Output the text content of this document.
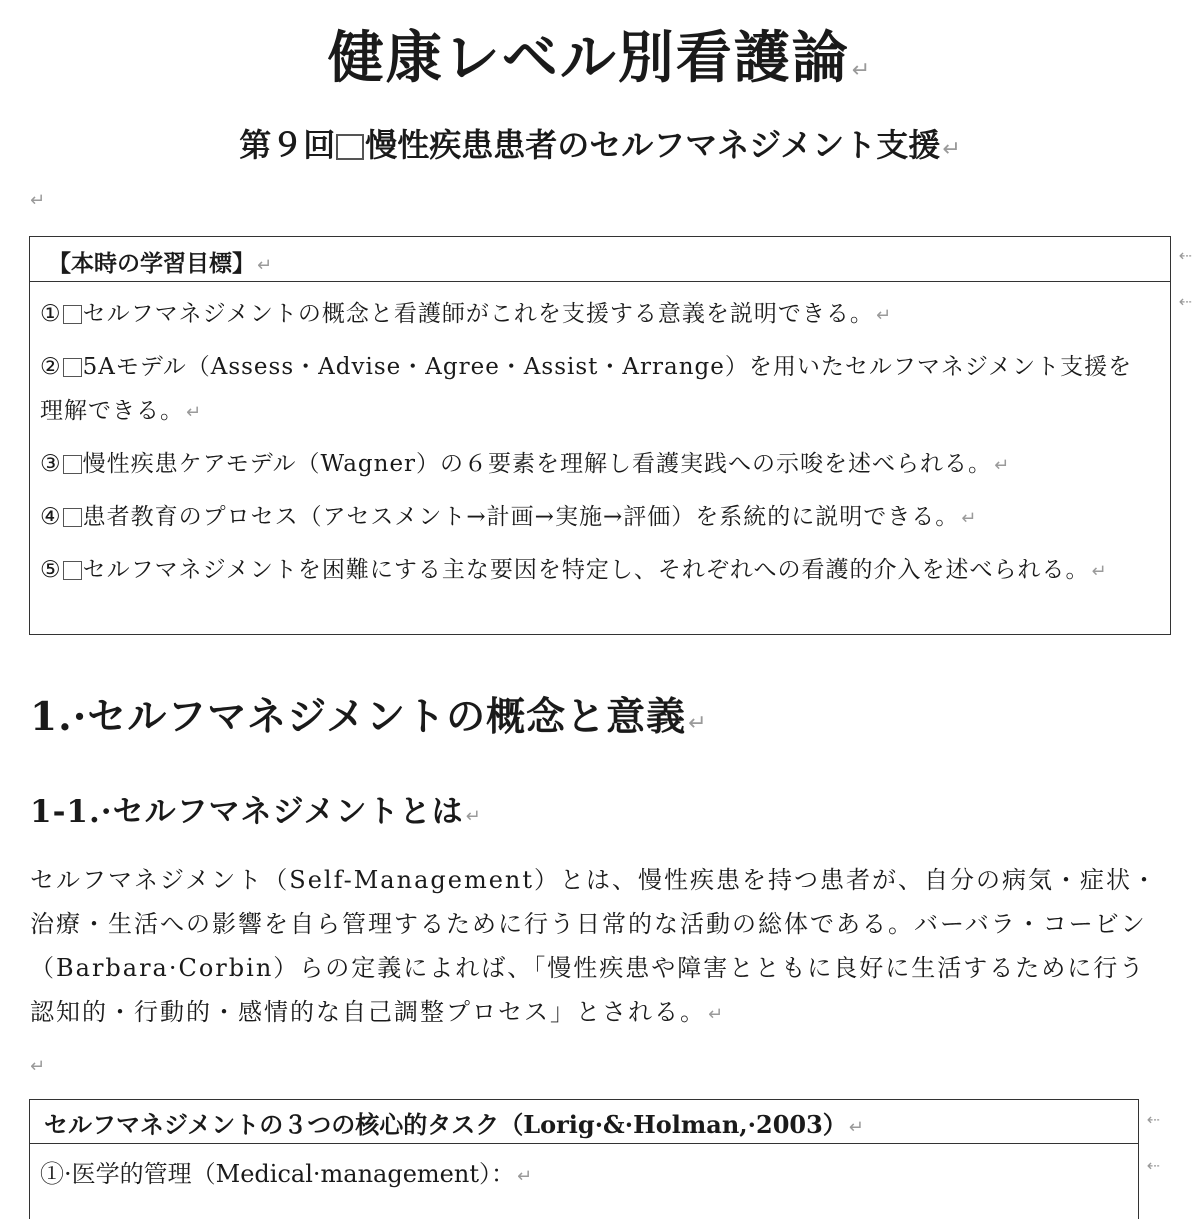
健康レベル別看護論↵
第９回 慢性疾患患者のセルフマネジメント支援↵
↵
【本時の学習目標】 ↵
① セルフマネジメントの概念と看護師がこれを支援する意義を説明できる。 ↵
② 5Aモデル（Assess・Advise・Agree・Assist・Arrange）を用いたセルフマネジメント支援を理解できる。 ↵
③ 慢性疾患ケアモデル（Wagner）の６要素を理解し看護実践への示唆を述べられる。 ↵
④ 患者教育のプロセス（アセスメント→計画→実施→評価）を系統的に説明できる。 ↵
⑤ セルフマネジメントを困難にする主な要因を特定し、それぞれへの看護的介入を述べられる。 ↵
⇠
⇠
1.·セルフマネジメントの概念と意義↵
1-1.·セルフマネジメントとは ↵
セルフマネジメント（Self-Management）とは、慢性疾患を持つ患者が、自分の病気・症状・治療・生活への影響を自ら管理するために行う日常的な活動の総体である。バーバラ・コービン（Barbara·Corbin）らの定義によれば、「慢性疾患や障害とともに良好に生活するために行う認知的・行動的・感情的な自己調整プロセス」とされる。 ↵
↵
セルフマネジメントの３つの核心的タスク（Lorig·&·Holman,·2003） ↵
①·医学的管理（Medical·management）： ↵
⇠
⇠
